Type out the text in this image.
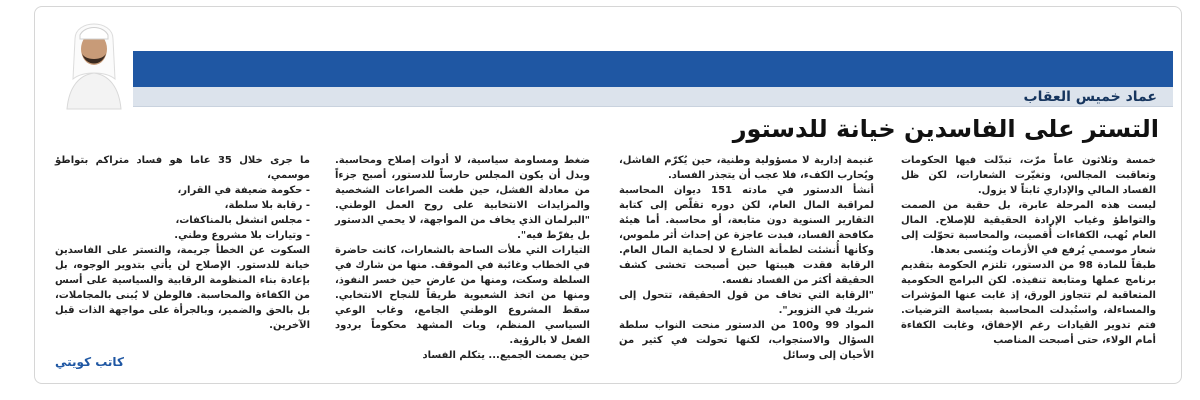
عماد خميس العقاب
التستر على الفاسدين خيانة للدستور

خمسة وثلاثون عاماً مرّت، تبدّلت فيها الحكومات وتعاقبت المجالس، وتغيّرت الشعارات، لكن ظل الفساد المالي والإداري ثابتاً لا يزول.

ليست هذه المرحلة عابرة، بل حقبة من الصمت والتواطؤ وغياب الإرادة الحقيقية للإصلاح. المال العام نُهب، الكفاءات أُقصيت، والمحاسبة تحوّلت إلى شعار موسمي يُرفع في الأزمات ويُنسى بعدها.

طبقاً للمادة 98 من الدستور، تلتزم الحكومة بتقديم برنامج عملها ومتابعة تنفيذه. لكن البرامج الحكومية المتعاقبة لم تتجاوز الورق، إذ غابت عنها المؤشرات والمساءلة، واستُبدلت المحاسبة بسياسة الترضيات. فتم تدوير القيادات رغم الإخفاق، وغابت الكفاءة أمام الولاء، حتى أصبحت المناصب

غنيمة إدارية لا مسؤولية وطنية، حين يُكرّم الفاشل، ويُحارب الكفء، فلا عجب أن يتجذر الفساد.

أنشأ الدستور في مادته 151 ديوان المحاسبة لمراقبة المال العام، لكن دوره تقلّص إلى كتابة التقارير السنوية دون متابعة، أو محاسبة. أما هيئة مكافحة الفساد، فبدت عاجزة عن إحداث أثر ملموس، وكأنها أُنشئت لطمأنة الشارع لا لحماية المال العام. الرقابة فقدت هيبتها حين أصبحت تخشى كشف الحقيقة أكثر من الفساد نفسه.

"الرقابة التي تخاف من قول الحقيقة، تتحول إلى شريك في التزوير".

المواد 99 و100 من الدستور منحت النواب سلطة السؤال والاستجواب، لكنها تحولت في كثير من الأحيان إلى وسائل

ضغط ومساومة سياسية، لا أدوات إصلاح ومحاسبة. وبدل أن يكون المجلس حارساً للدستور، أصبح جزءاً من معادلة الفشل، حين طغت الصراعات الشخصية والمزايدات الانتخابية على روح العمل الوطني. "البرلمان الذي يخاف من المواجهة، لا يحمي الدستور بل يفرّط فيه".

التيارات التي ملأت الساحة بالشعارات، كانت حاضرة في الخطاب وغائبة في الموقف. منها من شارك في السلطة وسكت، ومنها من عارض حين خسر النفوذ، ومنها من اتخذ الشعبوية طريقاً للنجاح الانتخابي. سقط المشروع الوطني الجامع، وغاب الوعي السياسي المنظم، وبات المشهد محكوماً بردود الفعل لا بالرؤية.

حين يصمت الجميع... يتكلم الفساد

ما جرى خلال 35 عاما هو فساد متراكم بتواطؤ موسمي،

- حكومة ضعيفة في القرار،

- رقابة بلا سلطة،

- مجلس انشغل بالمناكفات،

- وتيارات بلا مشروع وطني.

السكوت عن الخطأ جريمة، والتستر على الفاسدين خيانة للدستور. الإصلاح لن يأتي بتدوير الوجوه، بل بإعادة بناء المنظومة الرقابية والسياسية على أسس من الكفاءة والمحاسبة. فالوطن لا يُبنى بالمجاملات، بل بالحق والضمير، وبالجرأة على مواجهة الذات قبل الآخرين.

كاتب كويتي
